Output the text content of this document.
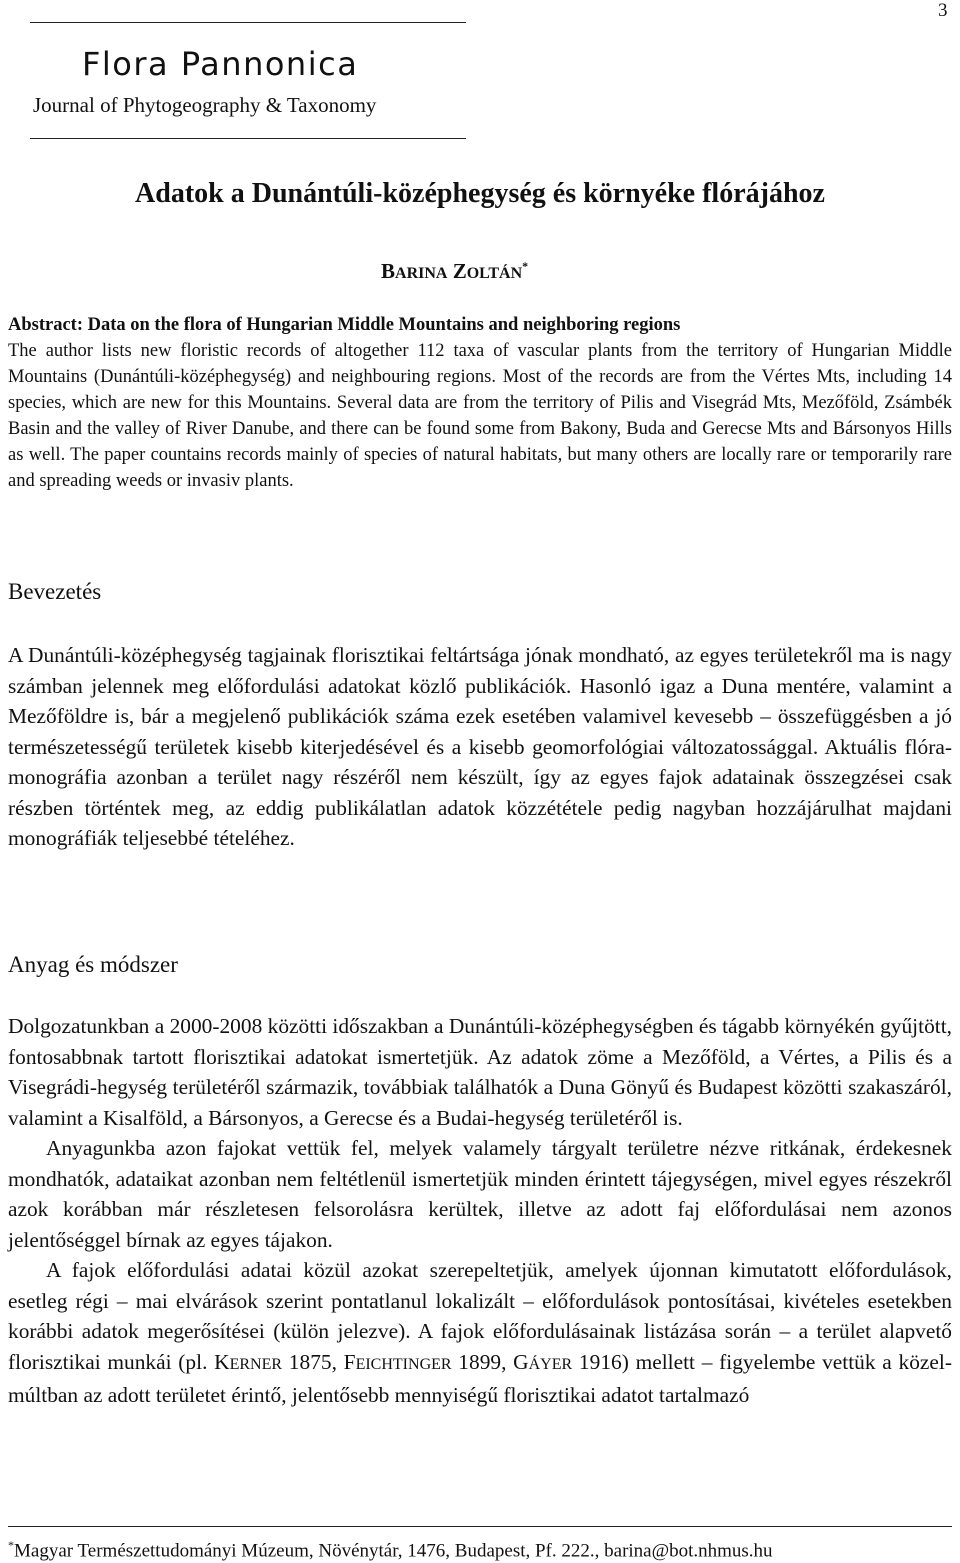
3
Flora Pannonica
Journal of Phytogeography & Taxonomy
Adatok a Dunántúli-középhegység és környéke flórájához
BARINA ZOLTÁN*
Abstract: Data on the flora of Hungarian Middle Mountains and neighboring regions
The author lists new floristic records of altogether 112 taxa of vascular plants from the territory of Hungarian Middle Mountains (Dunántúli-középhegység) and neighbouring regions. Most of the records are from the Vértes Mts, including 14 species, which are new for this Mountains. Several data are from the territory of Pilis and Visegrád Mts, Mezőföld, Zsámbék Basin and the valley of River Danube, and there can be found some from Bakony, Buda and Gerecse Mts and Bársonyos Hills as well. The paper countains records mainly of species of natural habitats, but many others are locally rare or temporarily rare and spreading weeds or invasiv plants.
Bevezetés

A Dunántúli-középhegység tagjainak florisztikai feltártsága jónak mondható, az egyes területekről ma is nagy számban jelennek meg előfordulási adatokat közlő publikációk. Hasonló igaz a Duna mentére, valamint a Mezőföldre is, bár a megjelenő publikációk száma ezek esetében valamivel kevesebb – összefüggésben a jó természetességű területek kisebb kiterjedésével és a kisebb geomorfológiai változatossággal. Aktuális flóramonográfia azonban a terület nagy részéről nem készült, így az egyes fajok adatainak összegzései csak részben történtek meg, az eddig publikálatlan adatok közzététele pedig nagyban hozzájárulhat majdani monográfiák teljesebbé tételéhez.

Anyag és módszer

Dolgozatunkban a 2000-2008 közötti időszakban a Dunántúli-középhegységben és tágabb környékén gyűjtött, fontosabbnak tartott florisztikai adatokat ismertetjük. Az adatok zöme a Mezőföld, a Vértes, a Pilis és a Visegrádi-hegység területéről származik, továbbiak találhatók a Duna Gönyű és Budapest közötti szakaszáról, valamint a Kisalföld, a Bársonyos, a Gerecse és a Budai-hegység területéről is.

Anyagunkba azon fajokat vettük fel, melyek valamely tárgyalt területre nézve ritkának, érdekesnek mondhatók, adataikat azonban nem feltétlenül ismertetjük minden érintett tájegységen, mivel egyes részekről azok korábban már részletesen felsorolásra kerültek, illetve az adott faj előfordulásai nem azonos jelentőséggel bírnak az egyes tájakon.

A fajok előfordulási adatai közül azokat szerepeltetjük, amelyek újonnan kimutatott előfordulások, esetleg régi – mai elvárások szerint pontatlanul lokalizált – előfordulások pontosításai, kivételes esetekben korábbi adatok megerősítései (külön jelezve). A fajok előfordulásainak listázása során – a terület alapvető florisztikai munkái (pl. KERNER 1875, FEICHTINGER 1899, GÁYER 1916) mellett – figyelembe vettük a közelmúltban az adott területet érintő, jelentősebb mennyiségű florisztikai adatot tartalmazó

*Magyar Természettudományi Múzeum, Növénytár, 1476, Budapest, Pf. 222., barina@bot.nhmus.hu
